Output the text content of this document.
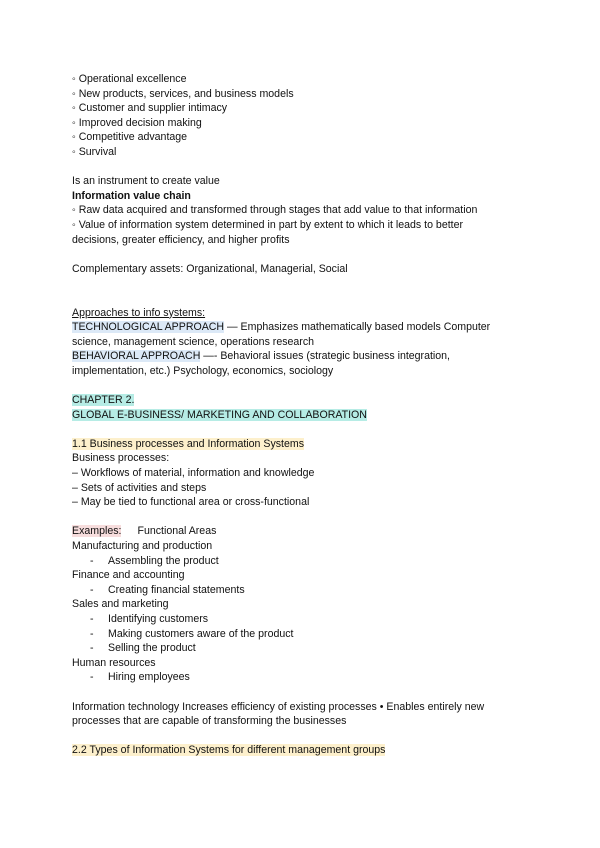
◦ Operational excellence
◦ New products, services, and business models
◦ Customer and supplier intimacy
◦ Improved decision making
◦ Competitive advantage
◦ Survival
Is an instrument to create value
Information value chain
◦ Raw data acquired and transformed through stages that add value to that information
◦ Value of information system determined in part by extent to which it leads to better
decisions, greater efficiency, and higher profits
Complementary assets: Organizational, Managerial, Social
Approaches to info systems:
TECHNOLOGICAL APPROACH — Emphasizes mathematically based models Computer
science, management science, operations research
BEHAVIORAL APPROACH —- Behavioral issues (strategic business integration,
implementation, etc.) Psychology, economics, sociology
CHAPTER 2.
GLOBAL E-BUSINESS/ MARKETING AND COLLABORATION
1.1 Business processes and Information Systems
Business processes:
– Workflows of material, information and knowledge
– Sets of activities and steps
– May be tied to functional area or cross-functional
Examples: Functional Areas
Manufacturing and production
- Assembling the product
Finance and accounting
- Creating financial statements
Sales and marketing
- Identifying customers
- Making customers aware of the product
- Selling the product
Human resources
- Hiring employees
Information technology Increases efficiency of existing processes • Enables entirely new
processes that are capable of transforming the businesses
2.2 Types of Information Systems for different management groups
